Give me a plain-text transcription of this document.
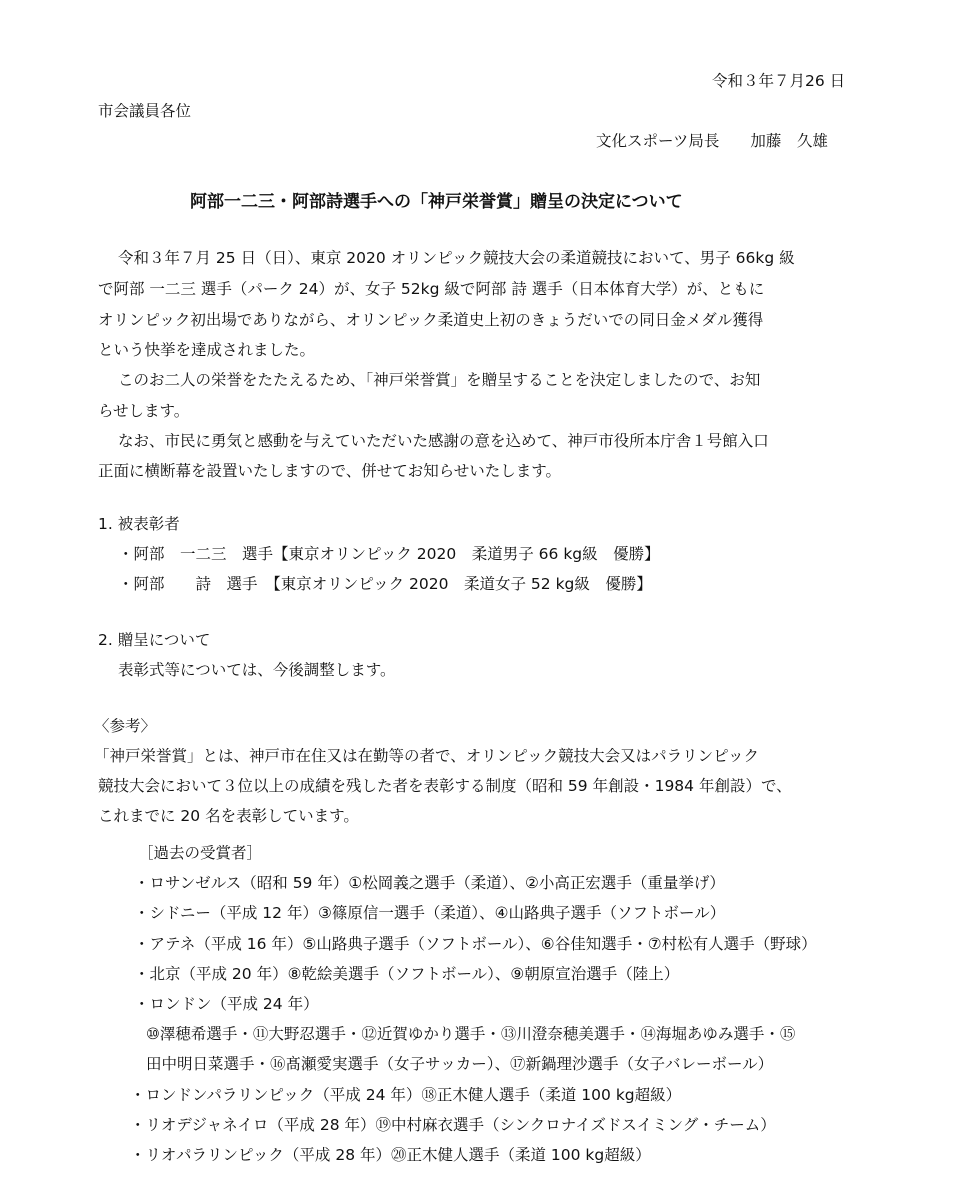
令和３年７月26 日
市会議員各位
文化スポーツ局長　　加藤　久雄
阿部一二三・阿部詩選手への「神戸栄誉賞」贈呈の決定について
令和３年７月 25 日（日）、東京 2020 オリンピック競技大会の柔道競技において、男子 66kg 級
で阿部 一二三 選手（パーク 24）が、女子 52kg 級で阿部 詩 選手（日本体育大学）が、ともに
オリンピック初出場でありながら、オリンピック柔道史上初のきょうだいでの同日金メダル獲得
という快挙を達成されました。
このお二人の栄誉をたたえるため、「神戸栄誉賞」を贈呈することを決定しましたので、お知
らせします。
なお、市民に勇気と感動を与えていただいた感謝の意を込めて、神戸市役所本庁舎１号館入口
正面に横断幕を設置いたしますので、併せてお知らせいたします。
1. 被表彰者
・阿部　一二三　選手【東京オリンピック 2020　柔道男子 66 kg級　優勝】
・阿部　　詩　選手　【東京オリンピック 2020　柔道女子 52 kg級　優勝】
2. 贈呈について
表彰式等については、今後調整します。
〈参考〉
「神戸栄誉賞」とは、神戸市在住又は在勤等の者で、オリンピック競技大会又はパラリンピック
競技大会において３位以上の成績を残した者を表彰する制度（昭和 59 年創設・1984 年創設）で、
これまでに 20 名を表彰しています。
［過去の受賞者］
・ロサンゼルス（昭和 59 年）①松岡義之選手（柔道）、②小高正宏選手（重量挙げ）
・シドニー（平成 12 年）③篠原信一選手（柔道）、④山路典子選手（ソフトボール）
・アテネ（平成 16 年）⑤山路典子選手（ソフトボール）、⑥谷佳知選手・⑦村松有人選手（野球）
・北京（平成 20 年）⑧乾絵美選手（ソフトボール）、⑨朝原宣治選手（陸上）
・ロンドン（平成 24 年）
⑩澤穂希選手・⑪大野忍選手・⑫近賀ゆかり選手・⑬川澄奈穂美選手・⑭海堀あゆみ選手・⑮
田中明日菜選手・⑯髙瀬愛実選手（女子サッカー）、⑰新鍋理沙選手（女子バレーボール）
・ロンドンパラリンピック（平成 24 年）⑱正木健人選手（柔道 100 kg超級）
・リオデジャネイロ（平成 28 年）⑲中村麻衣選手（シンクロナイズドスイミング・チーム）
・リオパラリンピック（平成 28 年）⑳正木健人選手（柔道 100 kg超級）
